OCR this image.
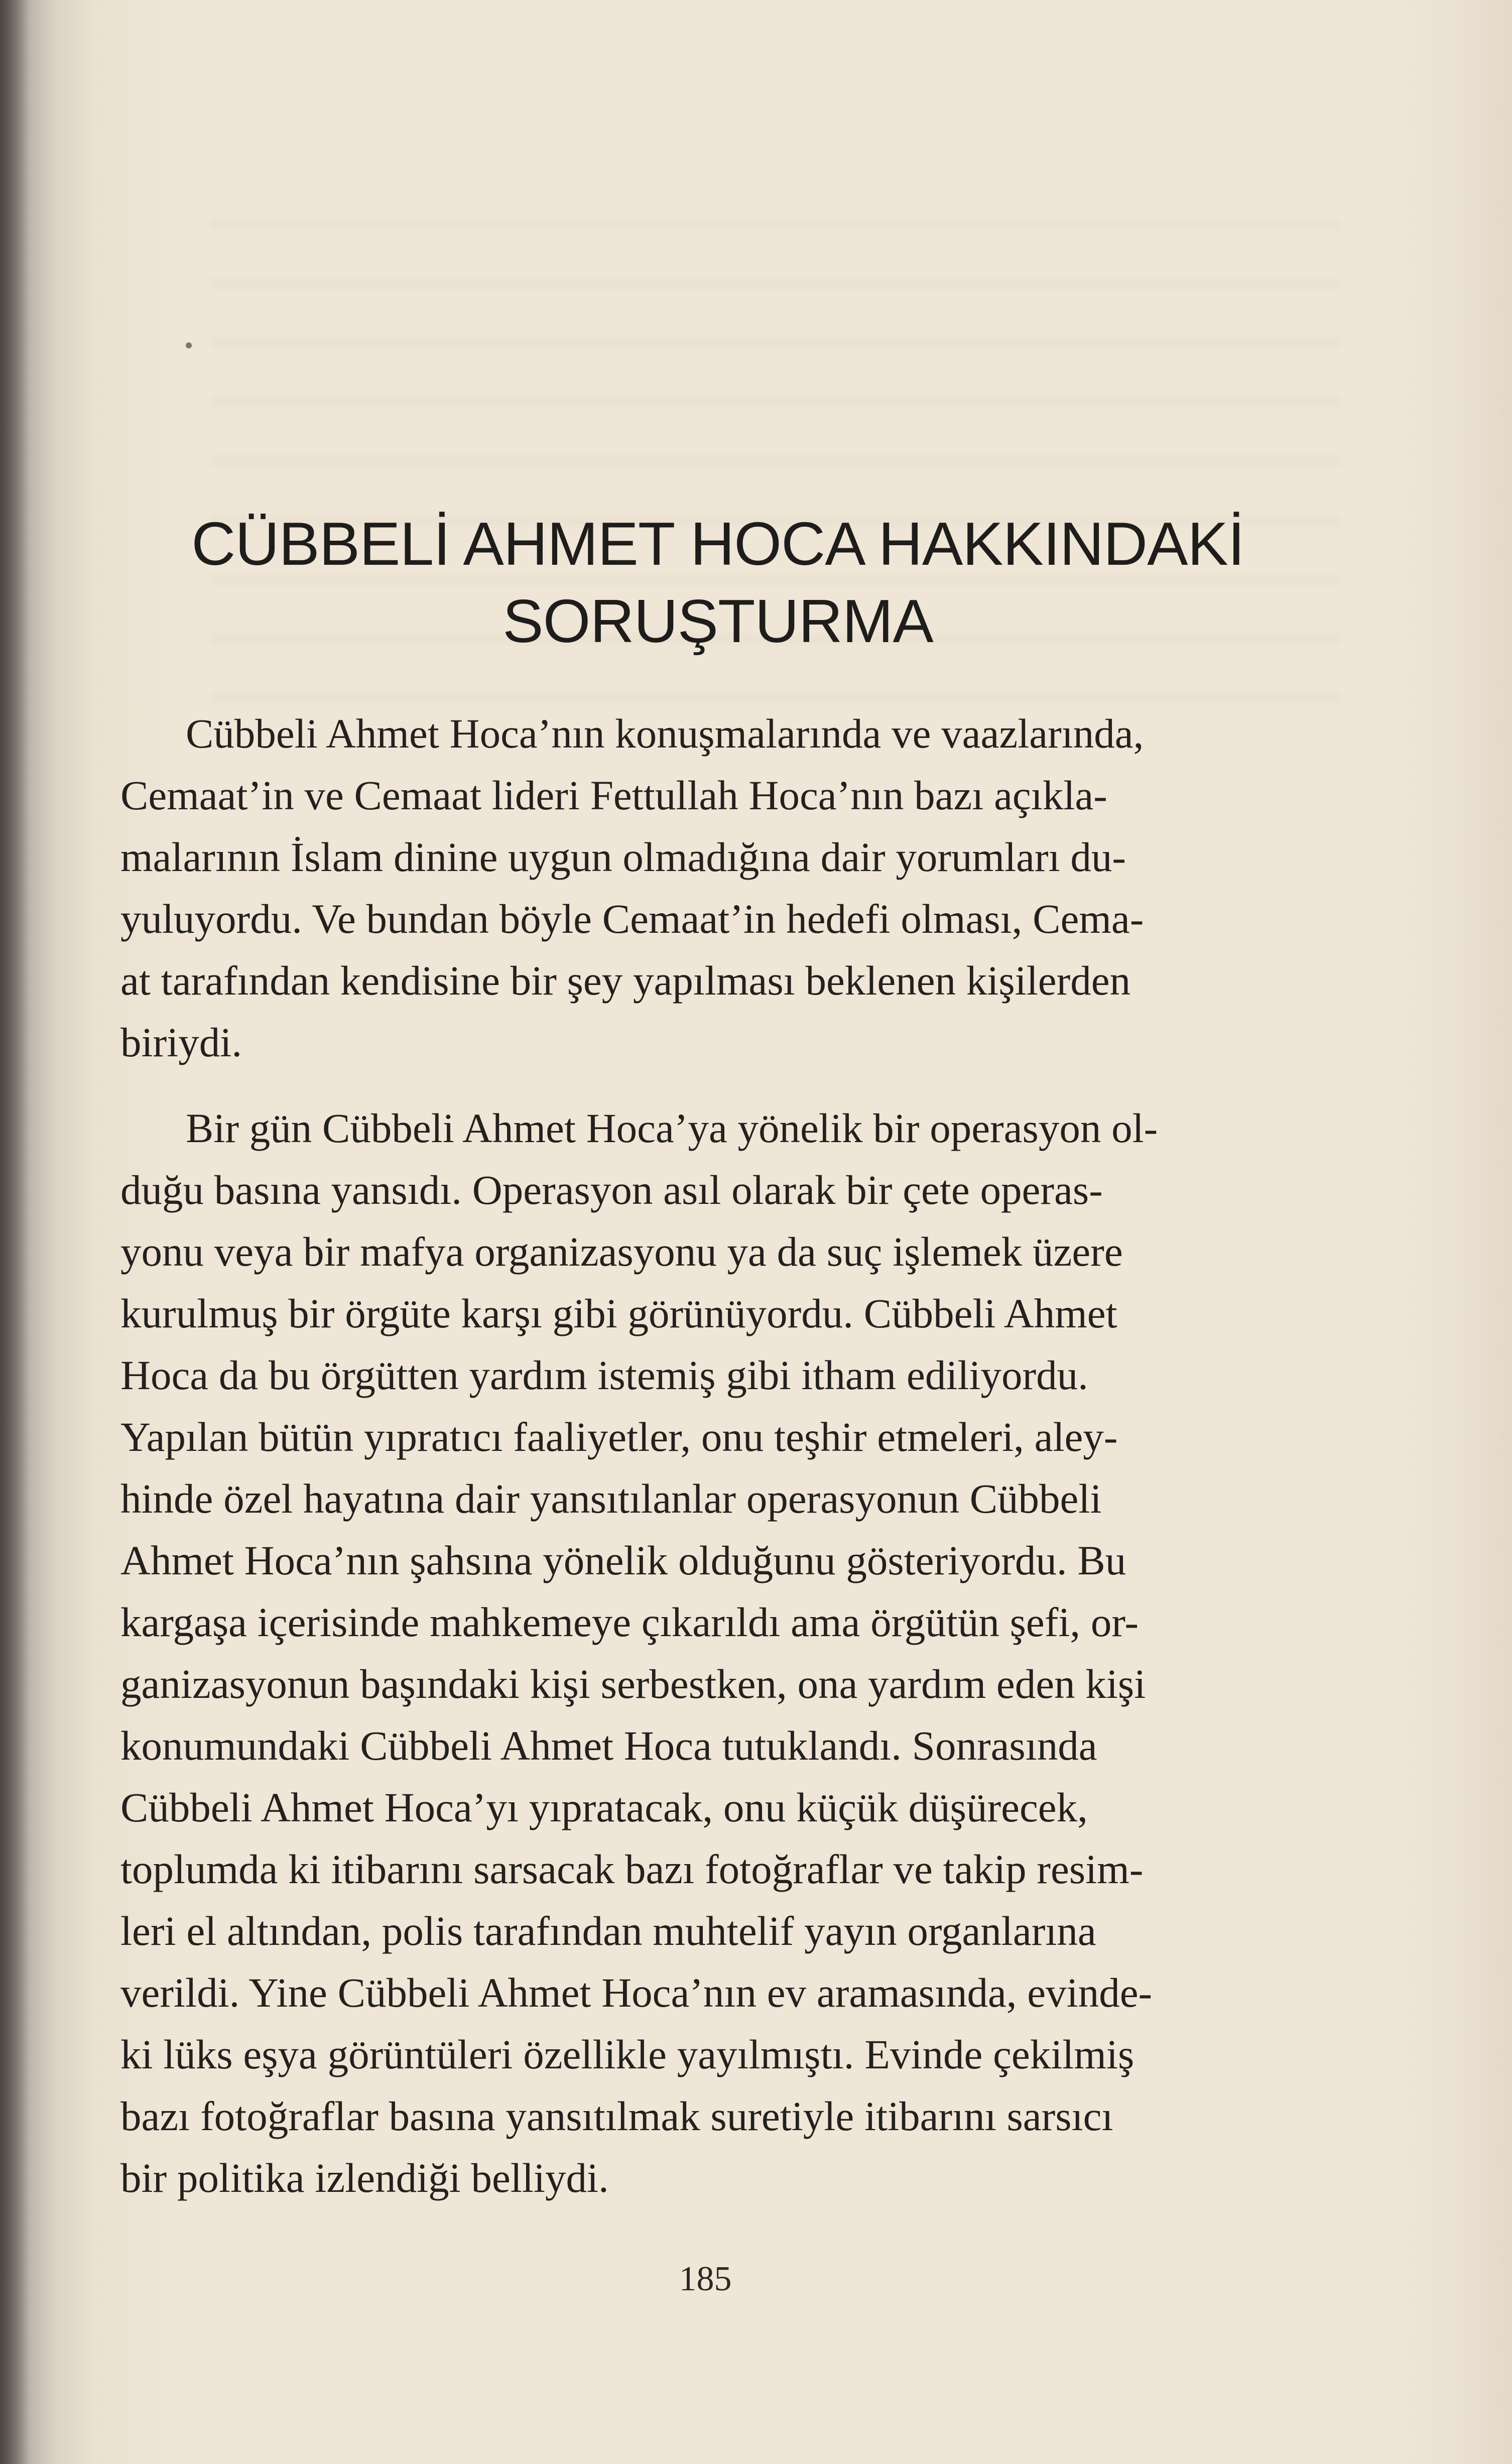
CÜBBELİ AHMET HOCA HAKKINDAKİ
SORUŞTURMA
Cübbeli Ahmet Hoca’nın konuşmalarında ve vaazlarında,
Cemaat’in ve Cemaat lideri Fettullah Hoca’nın bazı açıkla-
malarının İslam dinine uygun olmadığına dair yorumları du-
yuluyordu. Ve bundan böyle Cemaat’in hedefi olması, Cema-
at tarafından kendisine bir şey yapılması beklenen kişilerden
biriydi.
Bir gün Cübbeli Ahmet Hoca’ya yönelik bir operasyon ol-
duğu basına yansıdı. Operasyon asıl olarak bir çete operas-
yonu veya bir mafya organizasyonu ya da suç işlemek üzere
kurulmuş bir örgüte karşı gibi görünüyordu. Cübbeli Ahmet
Hoca da bu örgütten yardım istemiş gibi itham ediliyordu.
Yapılan bütün yıpratıcı faaliyetler, onu teşhir etmeleri, aley-
hinde özel hayatına dair yansıtılanlar operasyonun Cübbeli
Ahmet Hoca’nın şahsına yönelik olduğunu gösteriyordu. Bu
kargaşa içerisinde mahkemeye çıkarıldı ama örgütün şefi, or-
ganizasyonun başındaki kişi serbestken, ona yardım eden kişi
konumundaki Cübbeli Ahmet Hoca tutuklandı. Sonrasında
Cübbeli Ahmet Hoca’yı yıpratacak, onu küçük düşürecek,
toplumda ki itibarını sarsacak bazı fotoğraflar ve takip resim-
leri el altından, polis tarafından muhtelif yayın organlarına
verildi. Yine Cübbeli Ahmet Hoca’nın ev aramasında, evinde-
ki lüks eşya görüntüleri özellikle yayılmıştı. Evinde çekilmiş
bazı fotoğraflar basına yansıtılmak suretiyle itibarını sarsıcı
bir politika izlendiği belliydi.
185
